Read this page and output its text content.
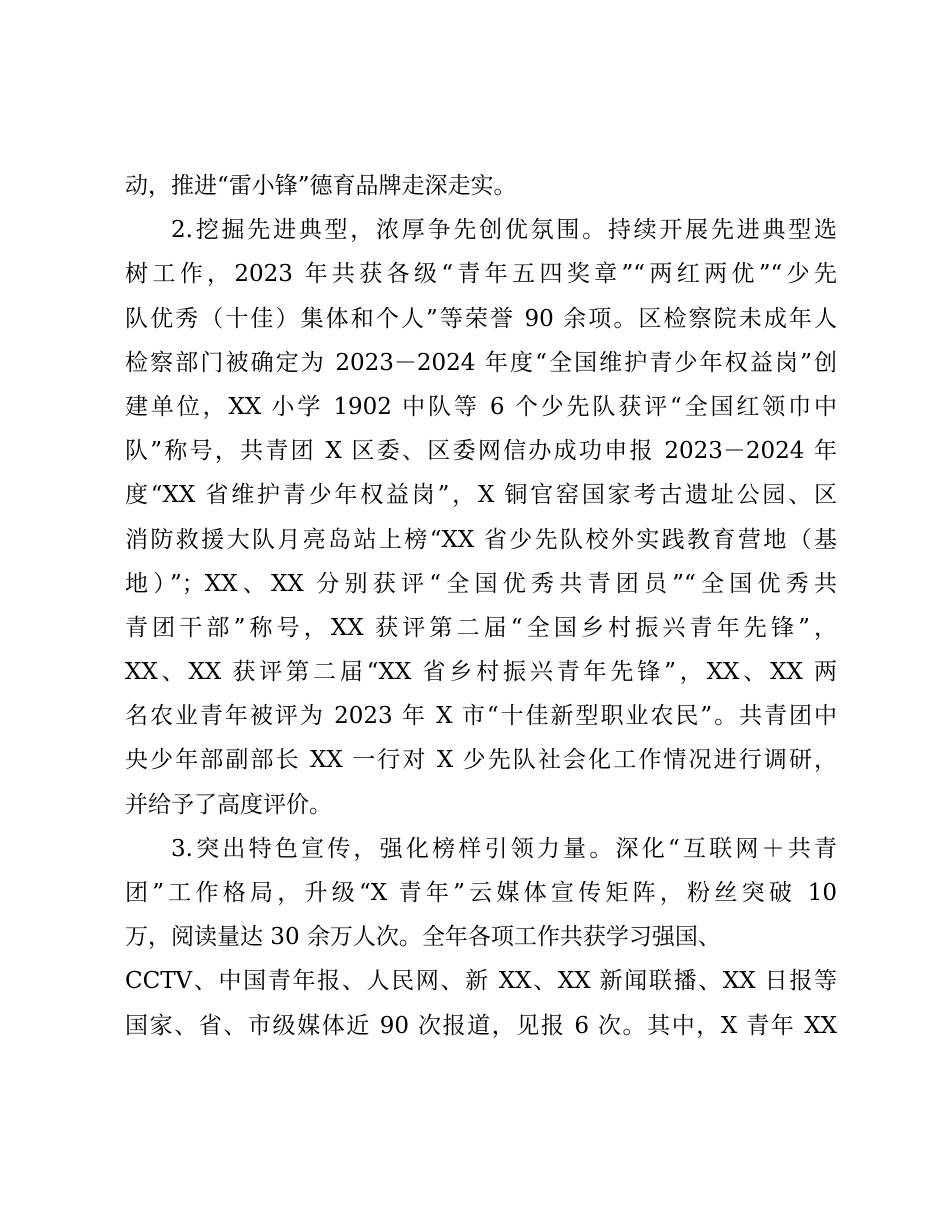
动，推进“雷小锋”德育品牌走深走实。
2.挖掘先进典型，浓厚争先创优氛围。持续开展先进典型选
树工作，2023 年共获各级“青年五四奖章”“两红两优”“少先
队优秀（十佳）集体和个人”等荣誉 90 余项。区检察院未成年人
检察部门被确定为 2023－2024 年度“全国维护青少年权益岗”创
建单位，XX 小学 1902 中队等 6 个少先队获评“全国红领巾中
队”称号，共青团 X 区委、区委网信办成功申报 2023－2024 年
度“XX 省维护青少年权益岗”，X 铜官窑国家考古遗址公园、区
消防救援大队月亮岛站上榜“XX 省少先队校外实践教育营地（基
地）”；XX、XX 分别获评“全国优秀共青团员”“全国优秀共
青团干部”称号，XX 获评第二届“全国乡村振兴青年先锋”，
XX、XX 获评第二届“XX 省乡村振兴青年先锋”，XX、XX 两
名农业青年被评为 2023 年 X 市“十佳新型职业农民”。共青团中
央少年部副部长 XX 一行对 X 少先队社会化工作情况进行调研，
并给予了高度评价。
3.突出特色宣传，强化榜样引领力量。深化“互联网＋共青
团”工作格局，升级“X 青年”云媒体宣传矩阵，粉丝突破 10
万，阅读量达 30 余万人次。全年各项工作共获学习强国、
CCTV、中国青年报、人民网、新 XX、XX 新闻联播、XX 日报等
国家、省、市级媒体近 90 次报道，见报 6 次。其中，X 青年 XX
